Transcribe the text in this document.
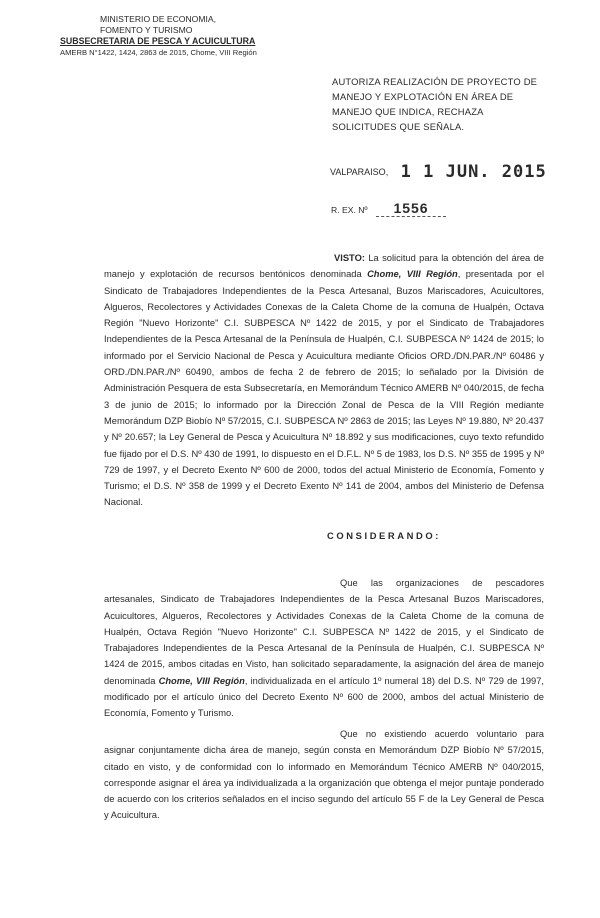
MINISTERIO DE ECONOMIA,
FOMENTO Y TURISMO
SUBSECRETARIA DE PESCA Y ACUICULTURA
AMERB N°1422, 1424, 2863 de 2015, Chome, VIII Región
AUTORIZA REALIZACIÓN DE PROYECTO DE MANEJO Y EXPLOTACIÓN EN ÁREA DE MANEJO QUE INDICA, RECHAZA SOLICITUDES QUE SEÑALA.
VALPARAISO, 1 1 JUN. 2015
R. EX. Nº 1556

VISTO: La solicitud para la obtención del área de manejo y explotación de recursos bentónicos denominada Chome, VIII Región, presentada por el Sindicato de Trabajadores Independientes de la Pesca Artesanal, Buzos Mariscadores, Acuicultores, Algueros, Recolectores y Actividades Conexas de la Caleta Chome de la comuna de Hualpén, Octava Región "Nuevo Horizonte" C.I. SUBPESCA Nº 1422 de 2015, y por el Sindicato de Trabajadores Independientes de la Pesca Artesanal de la Península de Hualpén, C.I. SUBPESCA Nº 1424 de 2015; lo informado por el Servicio Nacional de Pesca y Acuicultura mediante Oficios ORD./DN.PAR./Nº 60486 y ORD./DN.PAR./Nº 60490, ambos de fecha 2 de febrero de 2015; lo señalado por la División de Administración Pesquera de esta Subsecretaría, en Memorándum Técnico AMERB Nº 040/2015, de fecha 3 de junio de 2015; lo informado por la Dirección Zonal de Pesca de la VIII Región mediante Memorándum DZP Biobío Nº 57/2015, C.I. SUBPESCA Nº 2863 de 2015; las Leyes Nº 19.880, Nº 20.437 y Nº 20.657; la Ley General de Pesca y Acuicultura Nº 18.892 y sus modificaciones, cuyo texto refundido fue fijado por el D.S. Nº 430 de 1991, lo dispuesto en el D.F.L. Nº 5 de 1983, los D.S. Nº 355 de 1995 y Nº 729 de 1997, y el Decreto Exento Nº 600 de 2000, todos del actual Ministerio de Economía, Fomento y Turismo; el D.S. Nº 358 de 1999 y el Decreto Exento Nº 141 de 2004, ambos del Ministerio de Defensa Nacional.

CONSIDERANDO:

Que las organizaciones de pescadores artesanales, Sindicato de Trabajadores Independientes de la Pesca Artesanal Buzos Mariscadores, Acuicultores, Algueros, Recolectores y Actividades Conexas de la Caleta Chome de la comuna de Hualpén, Octava Región "Nuevo Horizonte" C.I. SUBPESCA Nº 1422 de 2015, y el Sindicato de Trabajadores Independientes de la Pesca Artesanal de la Península de Hualpén, C.I. SUBPESCA Nº 1424 de 2015, ambos citadas en Visto, han solicitado separadamente, la asignación del área de manejo denominada Chome, VIII Región, individualizada en el artículo 1º numeral 18) del D.S. Nº 729 de 1997, modificado por el artículo único del Decreto Exento Nº 600 de 2000, ambos del actual Ministerio de Economía, Fomento y Turismo.

Que no existiendo acuerdo voluntario para asignar conjuntamente dicha área de manejo, según consta en Memorándum DZP Biobío Nº 57/2015, citado en visto, y de conformidad con lo informado en Memorándum Técnico AMERB Nº 040/2015, corresponde asignar el área ya individualizada a la organización que obtenga el mejor puntaje ponderado de acuerdo con los criterios señalados en el inciso segundo del artículo 55 F de la Ley General de Pesca y Acuicultura.
